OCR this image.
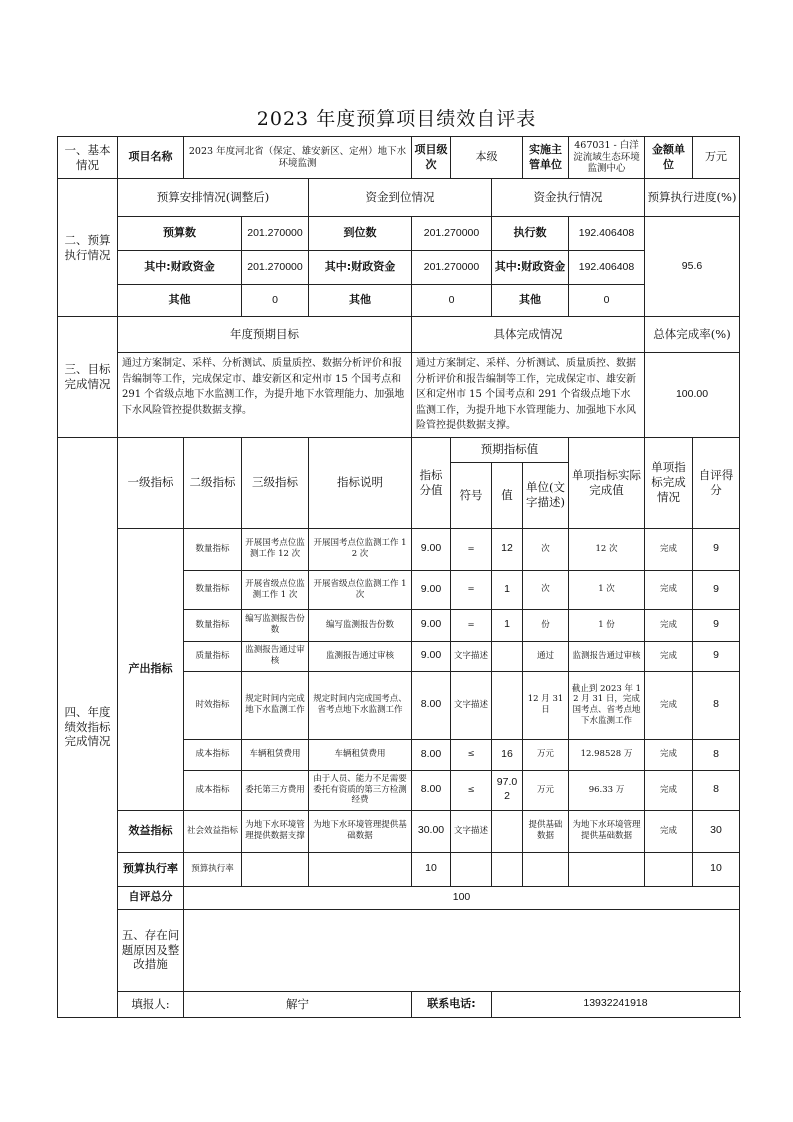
2023 年度预算项目绩效自评表
一、基本情况	项目名称	2023 年度河北省（保定、雄安新区、定州）地下水环境监测			项目级次	本级		实施主管单位	467031 - 白洋淀流域生态环境监测中心	金额单位	万元
二、预算执行情况	预算安排情况(调整后)			资金到位情况			资金执行情况			预算执行进度(%)	
	预算数		201.270000	到位数	201.270000		执行数		192.406408	95.6	
	其中:财政资金		201.270000	其中:财政资金	201.270000		其中:财政资金		192.406408		
	其他		0	其他	0		其他		0		
三、目标完成情况	年度预期目标				具体完成情况					总体完成率(%)	
	通过方案制定、采样、分析测试、质量质控、数据分析评价和报告编制等工作，完成保定市、雄安新区和定州市 15 个国考点和 291 个省级点地下水监测工作，为提升地下水管理能力、加强地下水风险管控提供数据支撑。				通过方案制定、采样、分析测试、质量质控、数据分析评价和报告编制等工作，完成保定市、雄安新区和定州市 15 个国考点和 291 个省级点地下水监测工作，为提升地下水管理能力、加强地下水风险管控提供数据支撑。					100.00	
四、年度绩效指标完成情况	一级指标	二级指标	三级指标	指标说明	指标分值	预期指标值			单项指标实际完成值	单项指标完成情况	自评得分
						符号	值	单位(文字描述)			
	产出指标	数量指标	开展国考点位监测工作 12 次	开展国考点位监测工作 12 次	9.00	=	12	次	12 次	完成	9
		数量指标	开展省级点位监测工作 1 次	开展省级点位监测工作 1 次	9.00	=	1	次	1 次	完成	9
		数量指标	编写监测报告份数	编写监测报告份数	9.00	=	1	份	1 份	完成	9
		质量指标	监测报告通过审核	监测报告通过审核	9.00	文字描述		通过	监测报告通过审核	完成	9
		时效指标	规定时间内完成地下水监测工作	规定时间内完成国考点、省考点地下水监测工作	8.00	文字描述		12 月 31 日	截止到 2023 年 12 月 31 日，完成国考点、省考点地下水监测工作	完成	8
		成本指标	车辆租赁费用	车辆租赁费用	8.00	≤	16	万元	12.98528 万	完成	8
		成本指标	委托第三方费用	由于人员、能力不足需要委托有资质的第三方检测经费	8.00	≤	97.02	万元	96.33 万	完成	8
	效益指标	社会效益指标	为地下水环境管理提供数据支撑	为地下水环境管理提供基础数据	30.00	文字描述		提供基础数据	为地下水环境管理提供基础数据	完成	30
	预算执行率	预算执行率			10						10
	自评总分	100									
	五、存在问题原因及整改措施										
	填报人:	解宁			联系电话:		13932241918				
